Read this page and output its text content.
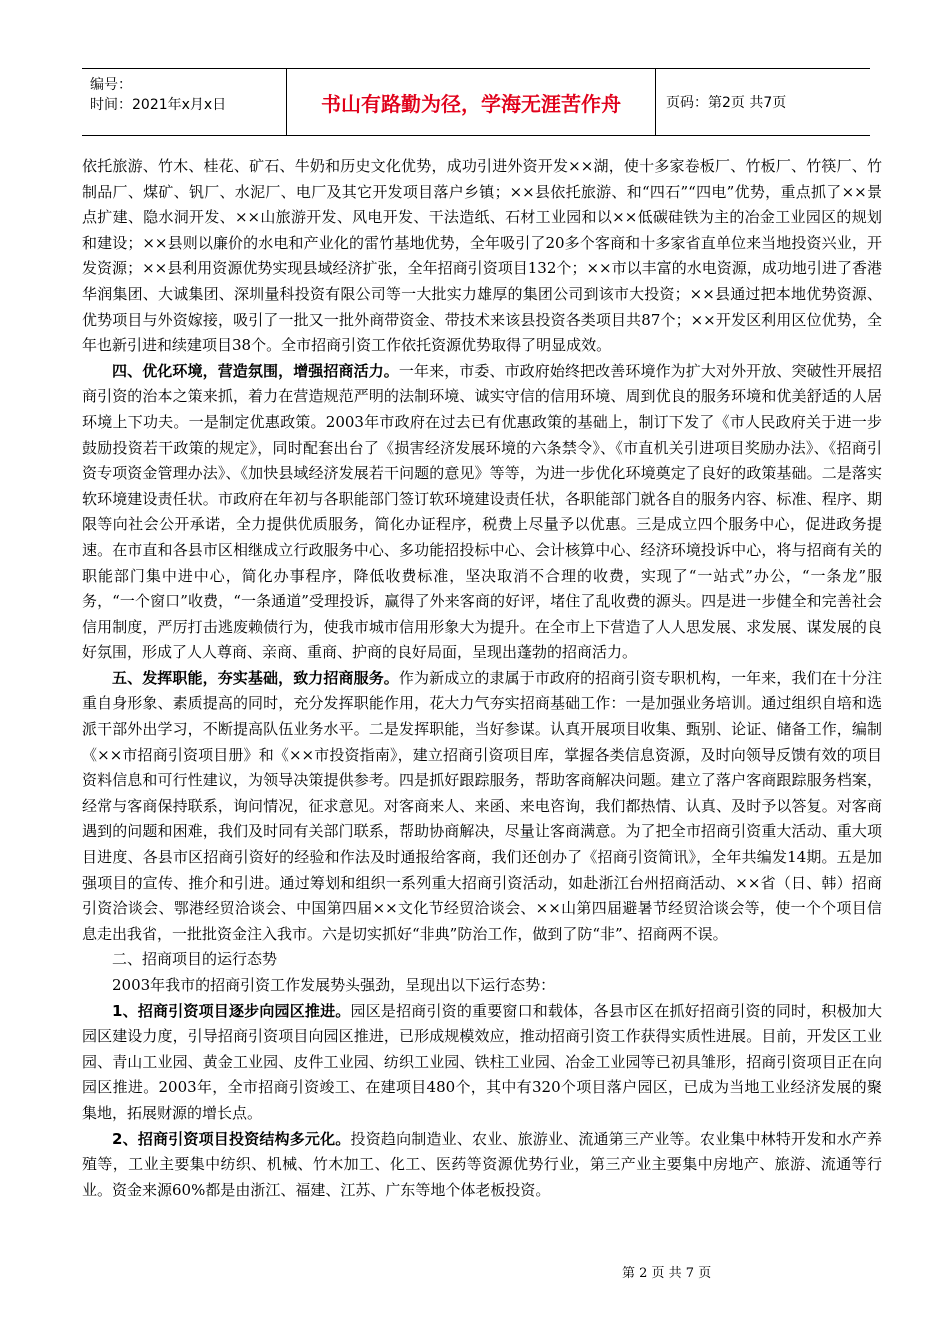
编号：
时间：2021年x月x日	书山有路勤为径，学海无涯苦作舟	页码：第2页 共7页

依托旅游、竹木、桂花、矿石、牛奶和历史文化优势，成功引进外资开发××湖，使十多家卷板厂、竹板厂、竹筷厂、竹制品厂、煤矿、钒厂、水泥厂、电厂及其它开发项目落户乡镇；××县依托旅游、和“四石”“四电”优势，重点抓了××景点扩建、隐水洞开发、××山旅游开发、风电开发、干法造纸、石材工业园和以××低碳硅铁为主的冶金工业园区的规划和建设；××县则以廉价的水电和产业化的雷竹基地优势，全年吸引了20多个客商和十多家省直单位来当地投资兴业，开发资源；××县利用资源优势实现县域经济扩张，全年招商引资项目132个；××市以丰富的水电资源，成功地引进了香港华润集团、大诚集团、深圳量科投资有限公司等一大批实力雄厚的集团公司到该市大投资；××县通过把本地优势资源、优势项目与外资嫁接，吸引了一批又一批外商带资金、带技术来该县投资各类项目共87个；××开发区利用区位优势，全年也新引进和续建项目38个。全市招商引资工作依托资源优势取得了明显成效。

四、优化环境，营造氛围，增强招商活力。一年来，市委、市政府始终把改善环境作为扩大对外开放、突破性开展招商引资的治本之策来抓，着力在营造规范严明的法制环境、诚实守信的信用环境、周到优良的服务环境和优美舒适的人居环境上下功夫。一是制定优惠政策。2003年市政府在过去已有优惠政策的基础上，制订下发了《市人民政府关于进一步鼓励投资若干政策的规定》，同时配套出台了《损害经济发展环境的六条禁令》、《市直机关引进项目奖励办法》、《招商引资专项资金管理办法》、《加快县域经济发展若干问题的意见》等等，为进一步优化环境奠定了良好的政策基础。二是落实软环境建设责任状。市政府在年初与各职能部门签订软环境建设责任状，各职能部门就各自的服务内容、标准、程序、期限等向社会公开承诺，全力提供优质服务，简化办证程序，税费上尽量予以优惠。三是成立四个服务中心，促进政务提速。在市直和各县市区相继成立行政服务中心、多功能招投标中心、会计核算中心、经济环境投诉中心，将与招商有关的职能部门集中进中心，简化办事程序，降低收费标准，坚决取消不合理的收费，实现了“一站式”办公，“一条龙”服务，“一个窗口”收费，“一条通道”受理投诉，赢得了外来客商的好评，堵住了乱收费的源头。四是进一步健全和完善社会信用制度，严厉打击逃废赖债行为，使我市城市信用形象大为提升。在全市上下营造了人人思发展、求发展、谋发展的良好氛围，形成了人人尊商、亲商、重商、护商的良好局面，呈现出蓬勃的招商活力。

五、发挥职能，夯实基础，致力招商服务。作为新成立的隶属于市政府的招商引资专职机构，一年来，我们在十分注重自身形象、素质提高的同时，充分发挥职能作用，花大力气夯实招商基础工作：一是加强业务培训。通过组织自培和选派干部外出学习，不断提高队伍业务水平。二是发挥职能，当好参谋。认真开展项目收集、甄别、论证、储备工作，编制《××市招商引资项目册》和《××市投资指南》，建立招商引资项目库，掌握各类信息资源，及时向领导反馈有效的项目资料信息和可行性建议，为领导决策提供参考。四是抓好跟踪服务，帮助客商解决问题。建立了落户客商跟踪服务档案，经常与客商保持联系，询问情况，征求意见。对客商来人、来函、来电咨询，我们都热情、认真、及时予以答复。对客商遇到的问题和困难，我们及时同有关部门联系，帮助协商解决，尽量让客商满意。为了把全市招商引资重大活动、重大项目进度、各县市区招商引资好的经验和作法及时通报给客商，我们还创办了《招商引资简讯》，全年共编发14期。五是加强项目的宣传、推介和引进。通过筹划和组织一系列重大招商引资活动，如赴浙江台州招商活动、××省（日、韩）招商引资洽谈会、鄂港经贸洽谈会、中国第四届××文化节经贸洽谈会、××山第四届避暑节经贸洽谈会等，使一个个项目信息走出我省，一批批资金注入我市。六是切实抓好“非典”防治工作，做到了防“非”、招商两不误。

二、招商项目的运行态势

2003年我市的招商引资工作发展势头强劲，呈现出以下运行态势：

1、招商引资项目逐步向园区推进。园区是招商引资的重要窗口和载体，各县市区在抓好招商引资的同时，积极加大园区建设力度，引导招商引资项目向园区推进，已形成规模效应，推动招商引资工作获得实质性进展。目前，开发区工业园、青山工业园、黄金工业园、皮件工业园、纺织工业园、铁柱工业园、冶金工业园等已初具雏形，招商引资项目正在向园区推进。2003年，全市招商引资竣工、在建项目480个，其中有320个项目落户园区，已成为当地工业经济发展的聚集地，拓展财源的增长点。

2、招商引资项目投资结构多元化。投资趋向制造业、农业、旅游业、流通第三产业等。农业集中林特开发和水产养殖等，工业主要集中纺织、机械、竹木加工、化工、医药等资源优势行业，第三产业主要集中房地产、旅游、流通等行业。资金来源60%都是由浙江、福建、江苏、广东等地个体老板投资。

第 2 页 共 7 页
